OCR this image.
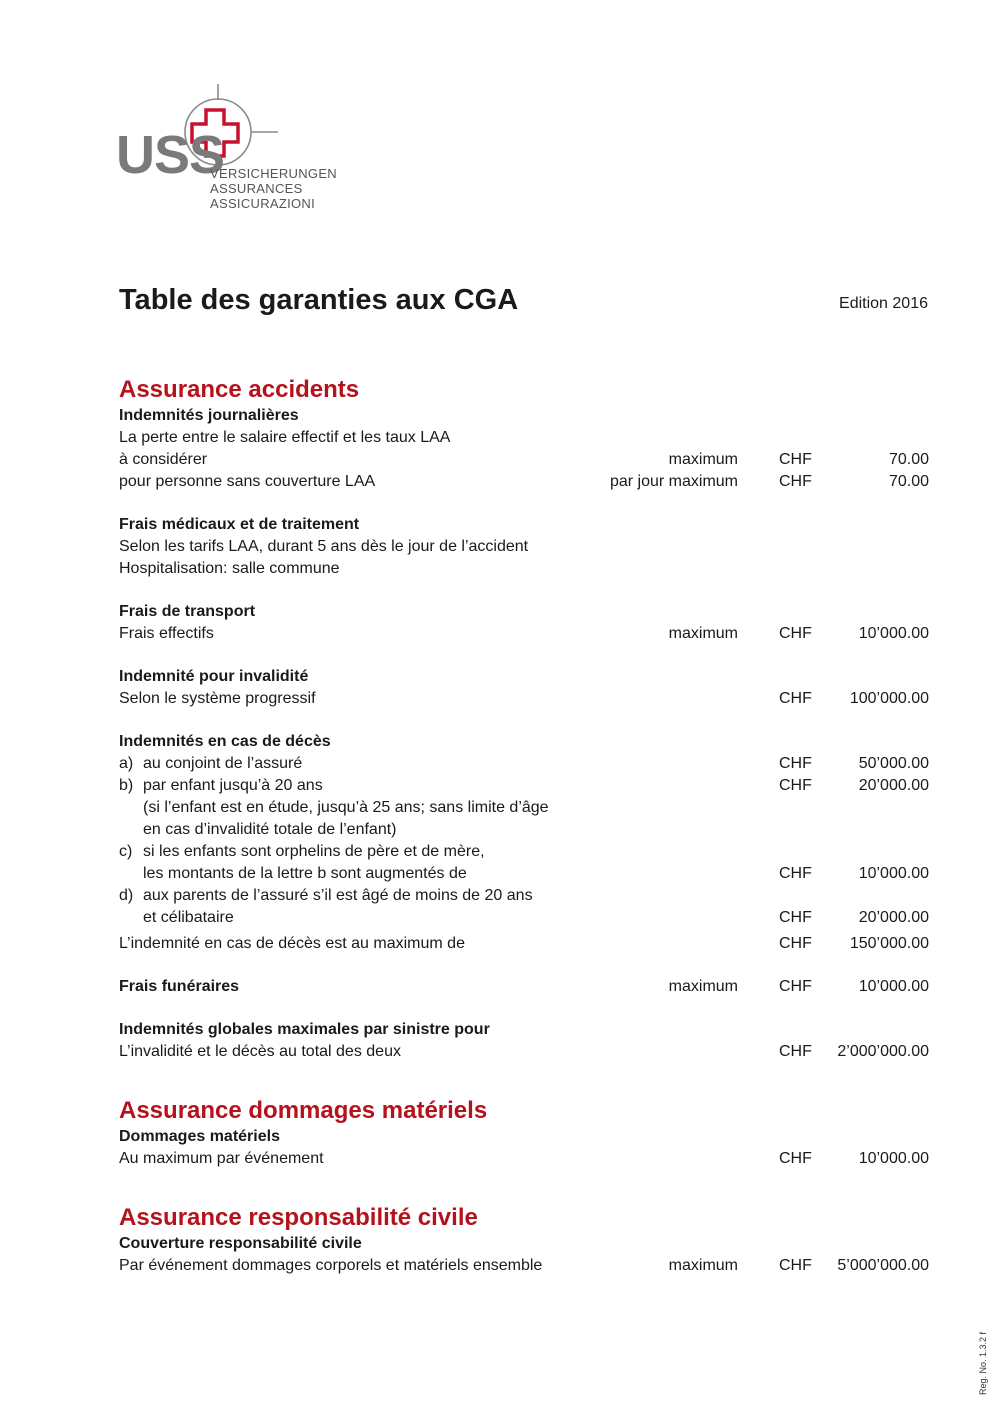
USS
VERSICHERUNGEN
ASSURANCES
ASSICURAZIONI
Table des garanties aux CGA	Edition 2016
Assurance accidents
Indemnités journalières
La perte entre le salaire effectif et les taux LAA
à considérer	maximum	CHF	70.00
pour personne sans couverture LAA	par jour maximum	CHF	70.00
Frais médicaux et de traitement
Selon les tarifs LAA, durant 5 ans dès le jour de l’accident
Hospitalisation: salle commune
Frais de transport
Frais effectifs	maximum	CHF	10’000.00
Indemnité pour invalidité
Selon le système progressif	CHF 100’000.00
Indemnités en cas de décès
a) au conjoint de l’assuré	CHF	50’000.00
b) par enfant jusqu’à 20 ans	CHF	20’000.00
(si l’enfant est en étude, jusqu’à 25 ans; sans limite d’âge
en cas d’invalidité totale de l’enfant)
c) si les enfants sont orphelins de père et de mère,
les montants de la lettre b sont augmentés de	CHF	10’000.00
d) aux parents de l’assuré s’il est âgé de moins de 20 ans
et célibataire	CHF	20’000.00
L’indemnité en cas de décès est au maximum de	CHF 150’000.00
Frais funéraires	maximum	CHF	10’000.00
Indemnités globales maximales par sinistre pour
L’invalidité et le décès au total des deux	CHF 2’000’000.00
Assurance dommages matériels
Dommages matériels
Au maximum par événement	CHF	10’000.00
Assurance responsabilité civile
Couverture responsabilité civile
Par événement dommages corporels et matériels ensemble	maximum	CHF 5’000’000.00
Reg. No. 1.3.2 f
